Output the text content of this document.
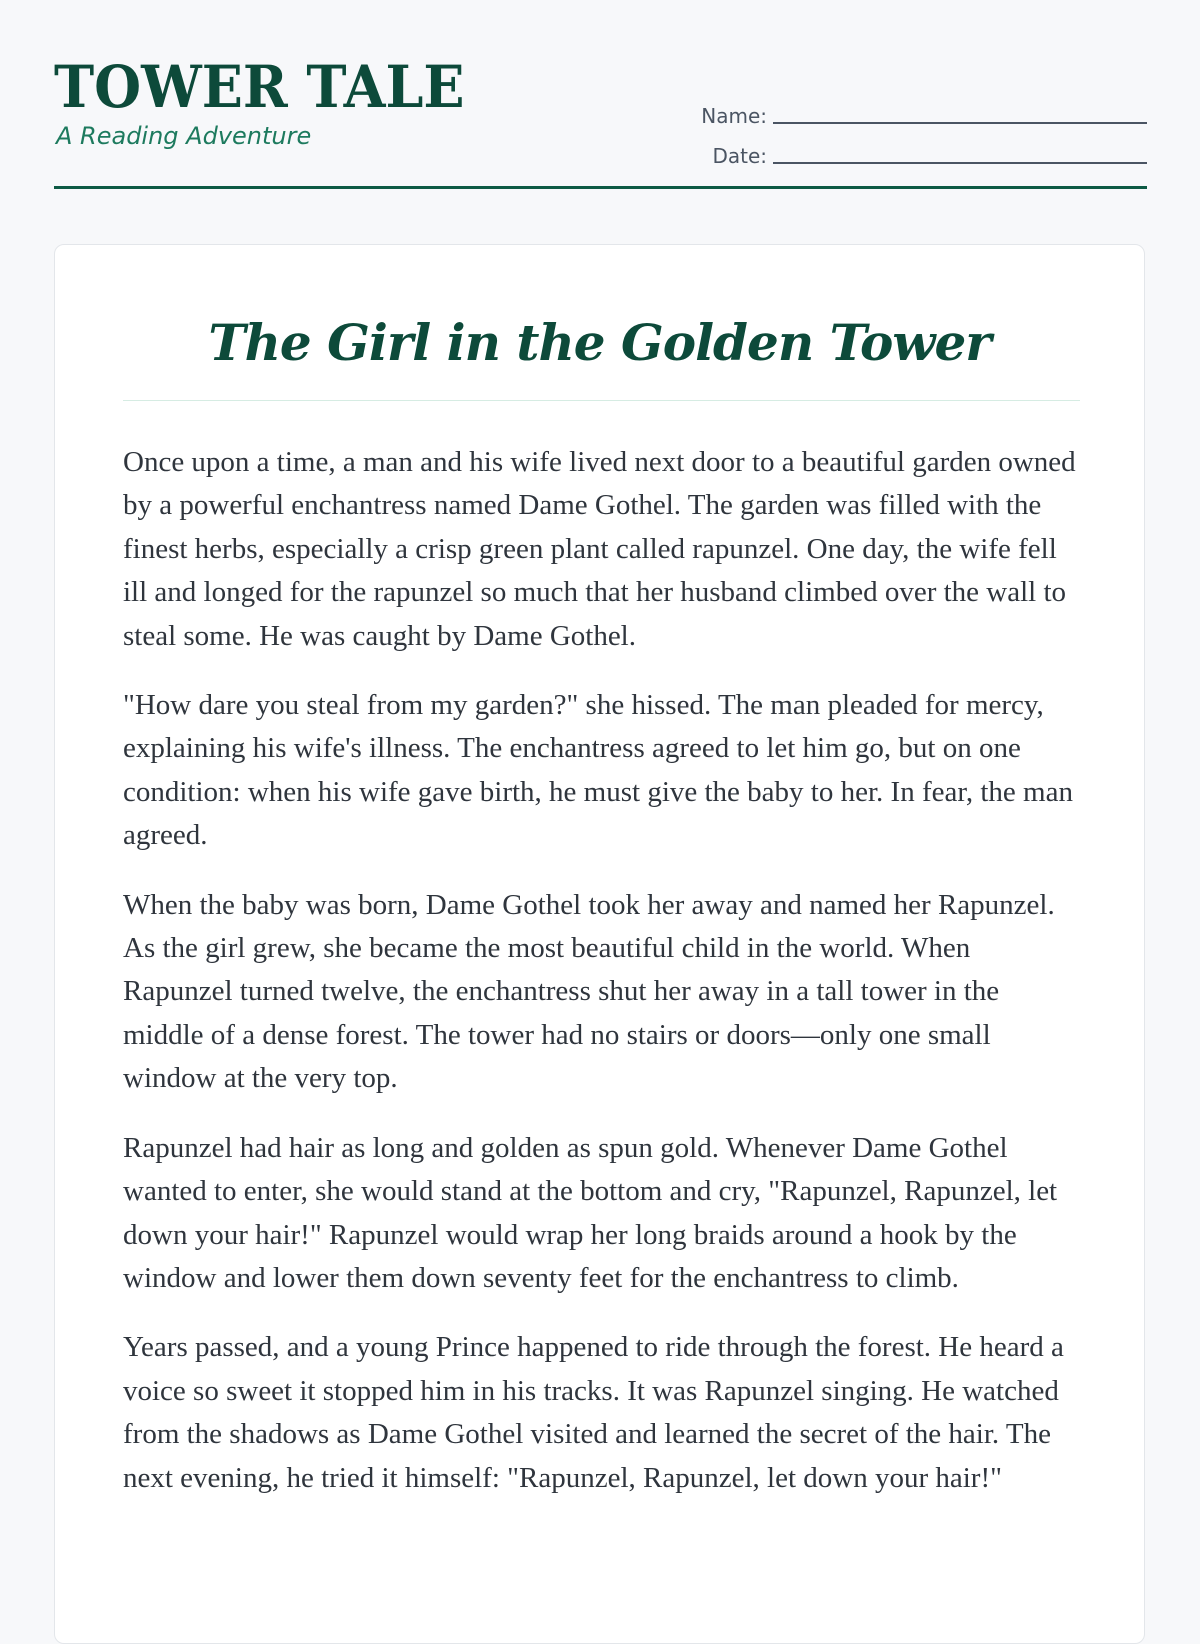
TOWER TALE
A Reading Adventure
Name:
Date:
The Girl in the Golden Tower

Once upon a time, a man and his wife lived next door to a beautiful garden owned by a powerful enchantress named Dame Gothel. The garden was filled with the finest herbs, especially a crisp green plant called rapunzel. One day, the wife fell ill and longed for the rapunzel so much that her husband climbed over the wall to steal some. He was caught by Dame Gothel.

"How dare you steal from my garden?" she hissed. The man pleaded for mercy, explaining his wife's illness. The enchantress agreed to let him go, but on one condition: when his wife gave birth, he must give the baby to her. In fear, the man agreed.

When the baby was born, Dame Gothel took her away and named her Rapunzel. As the girl grew, she became the most beautiful child in the world. When Rapunzel turned twelve, the enchantress shut her away in a tall tower in the middle of a dense forest. The tower had no stairs or doors—only one small window at the very top.

Rapunzel had hair as long and golden as spun gold. Whenever Dame Gothel wanted to enter, she would stand at the bottom and cry, "Rapunzel, Rapunzel, let down your hair!" Rapunzel would wrap her long braids around a hook by the window and lower them down seventy feet for the enchantress to climb.

Years passed, and a young Prince happened to ride through the forest. He heard a voice so sweet it stopped him in his tracks. It was Rapunzel singing. He watched from the shadows as Dame Gothel visited and learned the secret of the hair. The next evening, he tried it himself: "Rapunzel, Rapunzel, let down your hair!"
